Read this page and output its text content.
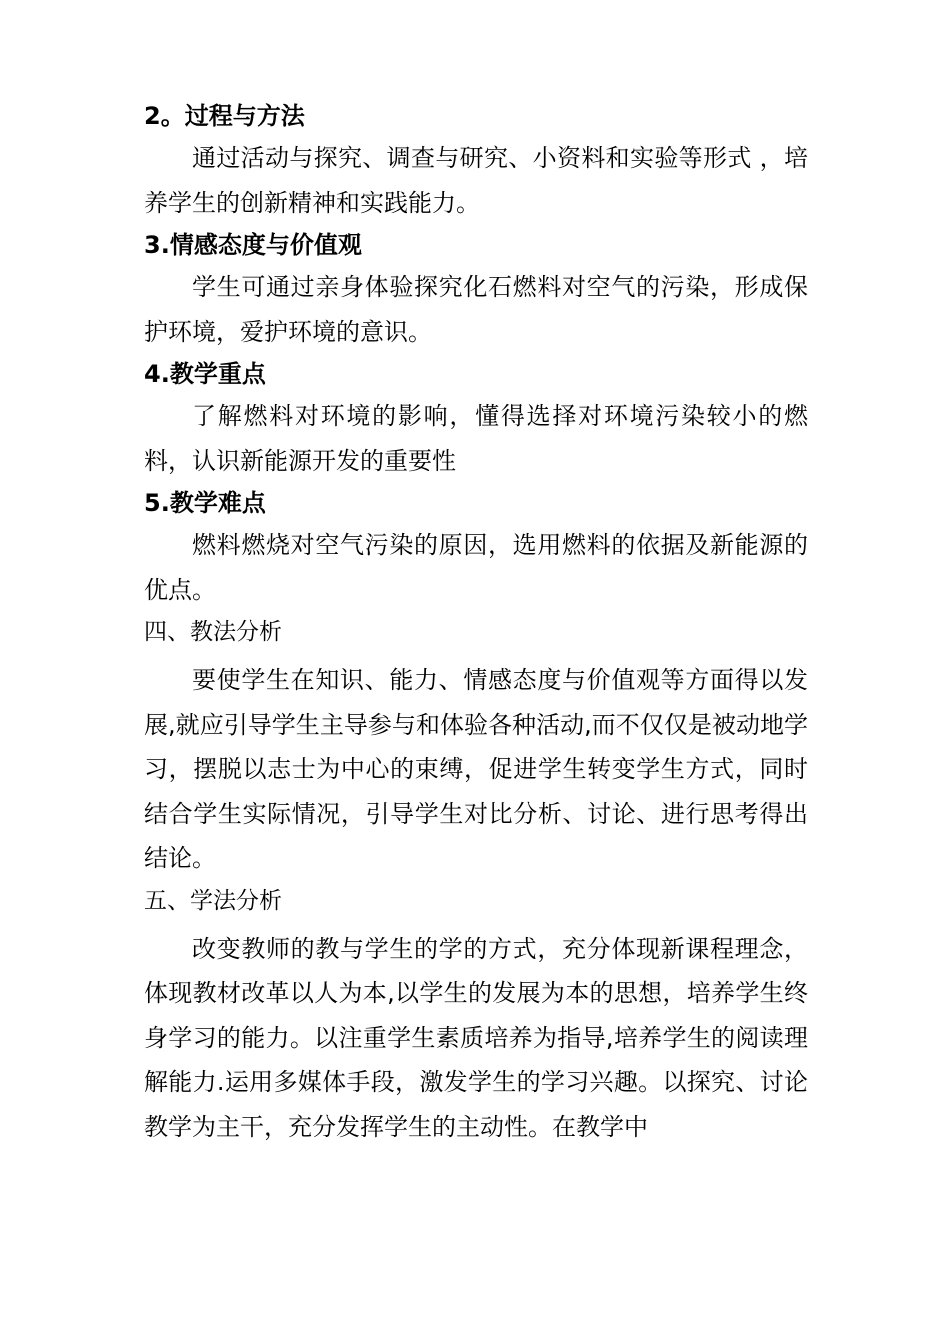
2。过程与方法

通过活动与探究、调查与研究、小资料和实验等形式 ，培养学生的创新精神和实践能力。

3.情感态度与价值观

学生可通过亲身体验探究化石燃料对空气的污染，形成保护环境，爱护环境的意识。

4.教学重点

了解燃料对环境的影响，懂得选择对环境污染较小的燃料，认识新能源开发的重要性

5.教学难点

燃料燃烧对空气污染的原因，选用燃料的依据及新能源的优点。

四、教法分析

要使学生在知识、能力、情感态度与价值观等方面得以发展,就应引导学生主导参与和体验各种活动,而不仅仅是被动地学习，摆脱以志士为中心的束缚，促进学生转变学生方式，同时结合学生实际情况，引导学生对比分析、讨论、进行思考得出结论。

五、学法分析

改变教师的教与学生的学的方式，充分体现新课程理念，体现教材改革以人为本,以学生的发展为本的思想，培养学生终身学习的能力。以注重学生素质培养为指导,培养学生的阅读理解能力.运用多媒体手段，激发学生的学习兴趣。以探究、讨论教学为主干，充分发挥学生的主动性。在教学中
